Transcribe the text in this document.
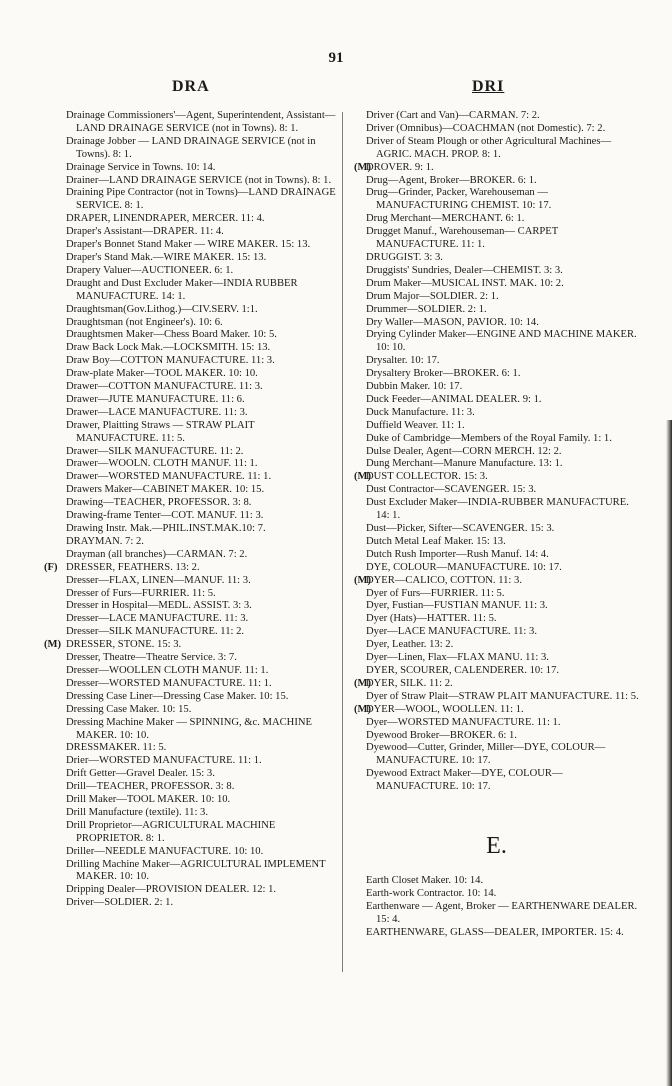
91
DRA	DRI

Drainage Commissioners'—Agent, Superintendent, Assistant—LAND DRAINAGE SERVICE (not in Towns). 8: 1.

Drainage Jobber — LAND DRAINAGE SERVICE (not in Towns). 8: 1.

Drainage Service in Towns. 10: 14.

Drainer—LAND DRAINAGE SERVICE (not in Towns). 8: 1.

Draining Pipe Contractor (not in Towns)—LAND DRAINAGE SERVICE. 8: 1.

DRAPER, LINENDRAPER, MERCER. 11: 4.

Draper's Assistant—DRAPER. 11: 4.

Draper's Bonnet Stand Maker — WIRE MAKER. 15: 13.

Draper's Stand Mak.—WIRE MAKER. 15: 13.

Drapery Valuer—AUCTIONEER. 6: 1.

Draught and Dust Excluder Maker—INDIA RUBBER MANUFACTURE. 14: 1.

Draughtsman(Gov.Lithog.)—CIV.SERV. 1:1.

Draughtsman (not Engineer's). 10: 6.

Draughtsmen Maker—Chess Board Maker. 10: 5.

Draw Back Lock Mak.—LOCKSMITH. 15: 13.

Draw Boy—COTTON MANUFACTURE. 11: 3.

Draw-plate Maker—TOOL MAKER. 10: 10.

Drawer—COTTON MANUFACTURE. 11: 3.

Drawer—JUTE MANUFACTURE. 11: 6.

Drawer—LACE MANUFACTURE. 11: 3.

Drawer, Plaitting Straws — STRAW PLAIT MANUFACTURE. 11: 5.

Drawer—SILK MANUFACTURE. 11: 2.

Drawer—WOOLN. CLOTH MANUF. 11: 1.

Drawer—WORSTED MANUFACTURE. 11: 1.

Drawers Maker—CABINET MAKER. 10: 15.

Drawing—TEACHER, PROFESSOR. 3: 8.

Drawing-frame Tenter—COT. MANUF. 11: 3.

Drawing Instr. Mak.—PHIL.INST.MAK.10: 7.

DRAYMAN. 7: 2.

Drayman (all branches)—CARMAN. 7: 2.

(F) DRESSER, FEATHERS. 13: 2.

Dresser—FLAX, LINEN—MANUF. 11: 3.

Dresser of Furs—FURRIER. 11: 5.

Dresser in Hospital—MEDL. ASSIST. 3: 3.

Dresser—LACE MANUFACTURE. 11: 3.

Dresser—SILK MANUFACTURE. 11: 2.

(M) DRESSER, STONE. 15: 3.

Dresser, Theatre—Theatre Service. 3: 7.

Dresser—WOOLLEN CLOTH MANUF. 11: 1.

Dresser—WORSTED MANUFACTURE. 11: 1.

Dressing Case Liner—Dressing Case Maker. 10: 15.

Dressing Case Maker. 10: 15.

Dressing Machine Maker — SPINNING, &c. MACHINE MAKER. 10: 10.

DRESSMAKER. 11: 5.

Drier—WORSTED MANUFACTURE. 11: 1.

Drift Getter—Gravel Dealer. 15: 3.

Drill—TEACHER, PROFESSOR. 3: 8.

Drill Maker—TOOL MAKER. 10: 10.

Drill Manufacture (textile). 11: 3.

Drill Proprietor—AGRICULTURAL MACHINE PROPRIETOR. 8: 1.

Driller—NEEDLE MANUFACTURE. 10: 10.

Drilling Machine Maker—AGRICULTURAL IMPLEMENT MAKER. 10: 10.

Dripping Dealer—PROVISION DEALER. 12: 1.

Driver—SOLDIER. 2: 1.

Driver (Cart and Van)—CARMAN. 7: 2.

Driver (Omnibus)—COACHMAN (not Domestic). 7: 2.

Driver of Steam Plough or other Agricultural Machines—AGRIC. MACH. PROP. 8: 1.

(M)
DROVER. 9: 1.

Drug—Agent, Broker—BROKER. 6: 1.

Drug—Grinder, Packer, Warehouseman — MANUFACTURING CHEMIST. 10: 17.

Drug Merchant—MERCHANT. 6: 1.

Drugget Manuf., Warehouseman— CARPET MANUFACTURE. 11: 1.

DRUGGIST. 3: 3.

Druggists' Sundries, Dealer—CHEMIST. 3: 3.

Drum Maker—MUSICAL INST. MAK. 10: 2.

Drum Major—SOLDIER. 2: 1.

Drummer—SOLDIER. 2: 1.

Dry Waller—MASON, PAVIOR. 10: 14.

Drying Cylinder Maker—ENGINE AND MACHINE MAKER. 10: 10.

Drysalter. 10: 17.

Drysaltery Broker—BROKER. 6: 1.

Dubbin Maker. 10: 17.

Duck Feeder—ANIMAL DEALER. 9: 1.

Duck Manufacture. 11: 3.

Duffield Weaver. 11: 1.

Duke of Cambridge—Members of the Royal Family. 1: 1.

Dulse Dealer, Agent—CORN MERCH. 12: 2.

Dung Merchant—Manure Manufacture. 13: 1.

(M)
DUST COLLECTOR. 15: 3.

Dust Contractor—SCAVENGER. 15: 3.

Dust Excluder Maker—INDIA-RUBBER MANUFACTURE. 14: 1.

Dust—Picker, Sifter—SCAVENGER. 15: 3.

Dutch Metal Leaf Maker. 15: 13.

Dutch Rush Importer—Rush Manuf. 14: 4.

DYE, COLOUR—MANUFACTURE. 10: 17.

(M)
DYER—CALICO, COTTON. 11: 3.

Dyer of Furs—FURRIER. 11: 5.

Dyer, Fustian—FUSTIAN MANUF. 11: 3.

Dyer (Hats)—HATTER. 11: 5.

Dyer—LACE MANUFACTURE. 11: 3.

Dyer, Leather. 13: 2.

Dyer—Linen, Flax—FLAX MANU. 11: 3.

DYER, SCOURER, CALENDERER. 10: 17.

(M)
DYER, SILK. 11: 2.

Dyer of Straw Plait—STRAW PLAIT MANUFACTURE. 11: 5.

(M)
DYER—WOOL, WOOLLEN. 11: 1.

Dyer—WORSTED MANUFACTURE. 11: 1.

Dyewood Broker—BROKER. 6: 1.

Dyewood—Cutter, Grinder, Miller—DYE, COLOUR—MANUFACTURE. 10: 17.

Dyewood Extract Maker—DYE, COLOUR—MANUFACTURE. 10: 17.

E.

Earth Closet Maker. 10: 14.

Earth-work Contractor. 10: 14.

Earthenware — Agent, Broker — EARTHENWARE DEALER. 15: 4.

EARTHENWARE, GLASS—DEALER, IMPORTER. 15: 4.
